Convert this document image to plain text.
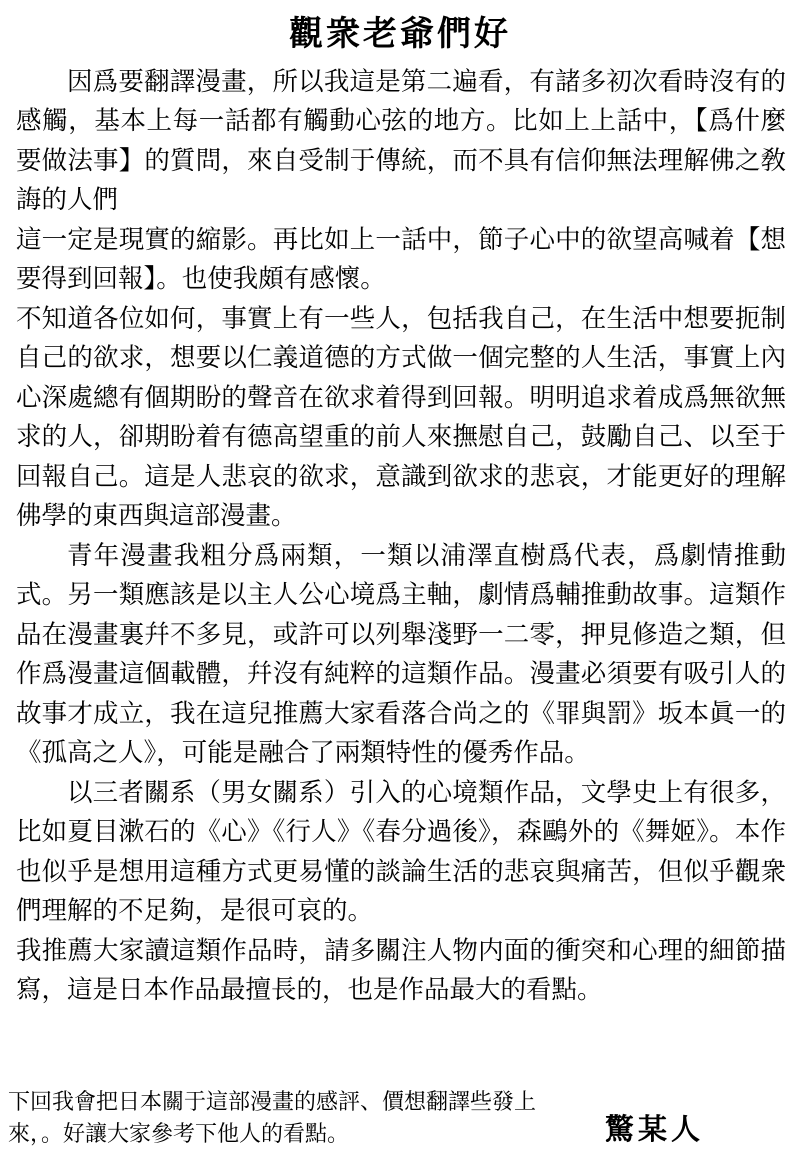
觀衆老爺們好

因爲要翻譯漫畫，所以我這是第二遍看，有諸多初次看時沒有的感觸，基本上每一話都有觸動心弦的地方。比如上上話中，【爲什麼要做法事】的質問，來自受制于傳統，而不具有信仰無法理解佛之敎誨的人們

這一定是現實的縮影。再比如上一話中，節子心中的欲望高喊着【想要得到回報】。也使我頗有感懷。

不知道各位如何，事實上有一些人，包括我自己，在生活中想要扼制自己的欲求，想要以仁義道德的方式做一個完整的人生活，事實上內心深處總有個期盼的聲音在欲求着得到回報。明明追求着成爲無欲無求的人，卻期盼着有德高望重的前人來撫慰自己，鼓勵自己、以至于回報自己。這是人悲哀的欲求，意識到欲求的悲哀，才能更好的理解佛學的東西與這部漫畫。

青年漫畫我粗分爲兩類，一類以浦澤直樹爲代表，爲劇情推動式。另一類應該是以主人公心境爲主軸，劇情爲輔推動故事。這類作品在漫畫裏幷不多見，或許可以列舉淺野一二零，押見修造之類，但作爲漫畫這個載體，幷沒有純粹的這類作品。漫畫必須要有吸引人的故事才成立，我在這兒推薦大家看落合尚之的《罪與罰》坂本眞一的《孤高之人》，可能是融合了兩類特性的優秀作品。

以三者關系（男女關系）引入的心境類作品，文學史上有很多，比如夏目漱石的《心》《行人》《春分過後》，森鷗外的《舞姬》。本作也似乎是想用這種方式更易懂的談論生活的悲哀與痛苦，但似乎觀衆們理解的不足夠，是很可哀的。

我推薦大家讀這類作品時，請多關注人物内面的衝突和心理的細節描寫，這是日本作品最擅長的，也是作品最大的看點。

下回我會把日本關于這部漫畫的感評、價想翻譯些發上來，。好讓大家參考下他人的看點。	驚某人
